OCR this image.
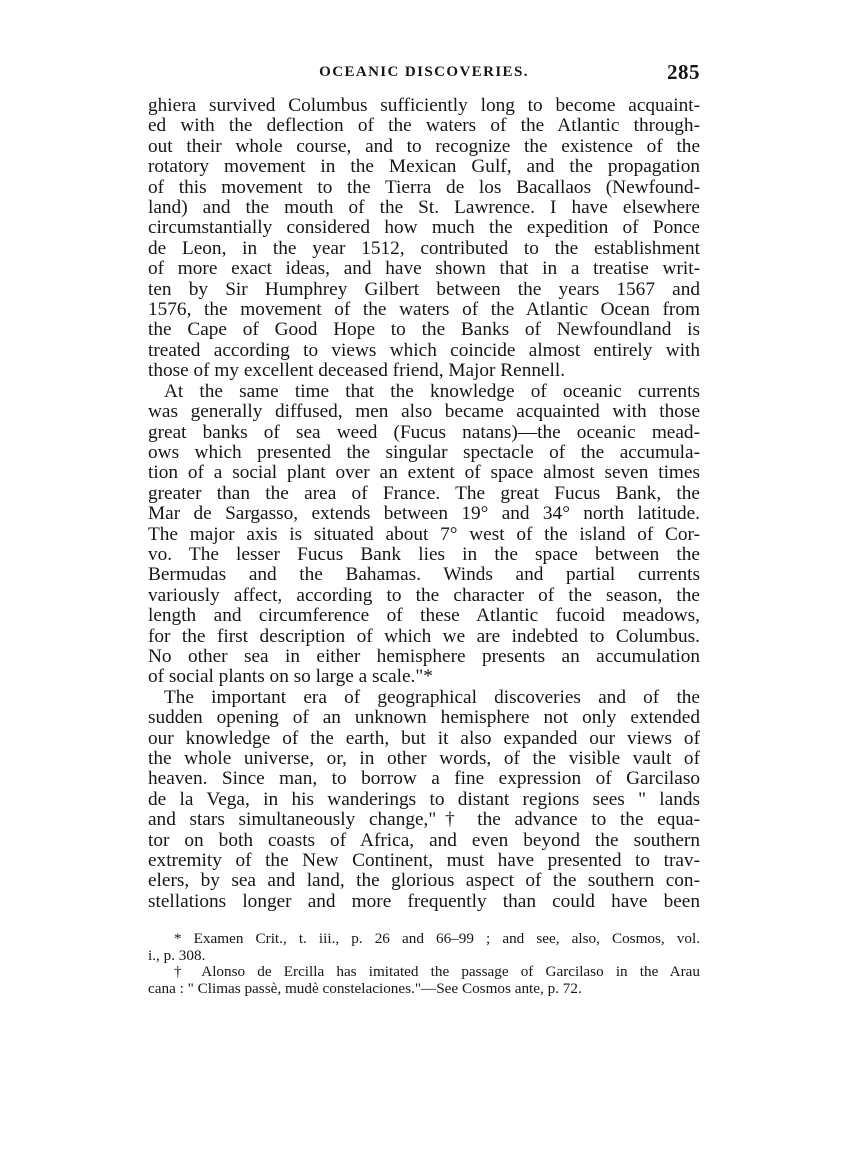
OCEANIC DISCOVERIES.	285
ghiera survived Columbus sufficiently long to become acquaint-
ed with the deflection of the waters of the Atlantic through-
out their whole course, and to recognize the existence of the
rotatory movement in the Mexican Gulf, and the propagation
of this movement to the Tierra de los Bacallaos (Newfound-
land) and the mouth of the St. Lawrence. I have elsewhere
circumstantially considered how much the expedition of Ponce
de Leon, in the year 1512, contributed to the establishment
of more exact ideas, and have shown that in a treatise writ-
ten by Sir Humphrey Gilbert between the years 1567 and
1576, the movement of the waters of the Atlantic Ocean from
the Cape of Good Hope to the Banks of Newfoundland is
treated according to views which coincide almost entirely with
those of my excellent deceased friend, Major Rennell.
At the same time that the knowledge of oceanic currents
was generally diffused, men also became acquainted with those
great banks of sea weed (Fucus natans)—the oceanic mead-
ows which presented the singular spectacle of the accumula-
tion of a social plant over an extent of space almost seven times
greater than the area of France. The great Fucus Bank, the
Mar de Sargasso, extends between 19° and 34° north latitude.
The major axis is situated about 7° west of the island of Cor-
vo. The lesser Fucus Bank lies in the space between the
Bermudas and the Bahamas. Winds and partial currents
variously affect, according to the character of the season, the
length and circumference of these Atlantic fucoid meadows,
for the first description of which we are indebted to Columbus.
No other sea in either hemisphere presents an accumulation
of social plants on so large a scale."*
The important era of geographical discoveries and of the
sudden opening of an unknown hemisphere not only extended
our knowledge of the earth, but it also expanded our views of
the whole universe, or, in other words, of the visible vault of
heaven. Since man, to borrow a fine expression of Garcilaso
de la Vega, in his wanderings to distant regions sees " lands
and stars simultaneously change,"† the advance to the equa-
tor on both coasts of Africa, and even beyond the southern
extremity of the New Continent, must have presented to trav-
elers, by sea and land, the glorious aspect of the southern con-
stellations longer and more frequently than could have been
* Examen Crit., t. iii., p. 26 and 66–99 ; and see, also, Cosmos, vol.
i., p. 308.
† Alonso de Ercilla has imitated the passage of Garcilaso in the Arau
cana : " Climas passè, mudè constelaciones."—See Cosmos ante, p. 72.
